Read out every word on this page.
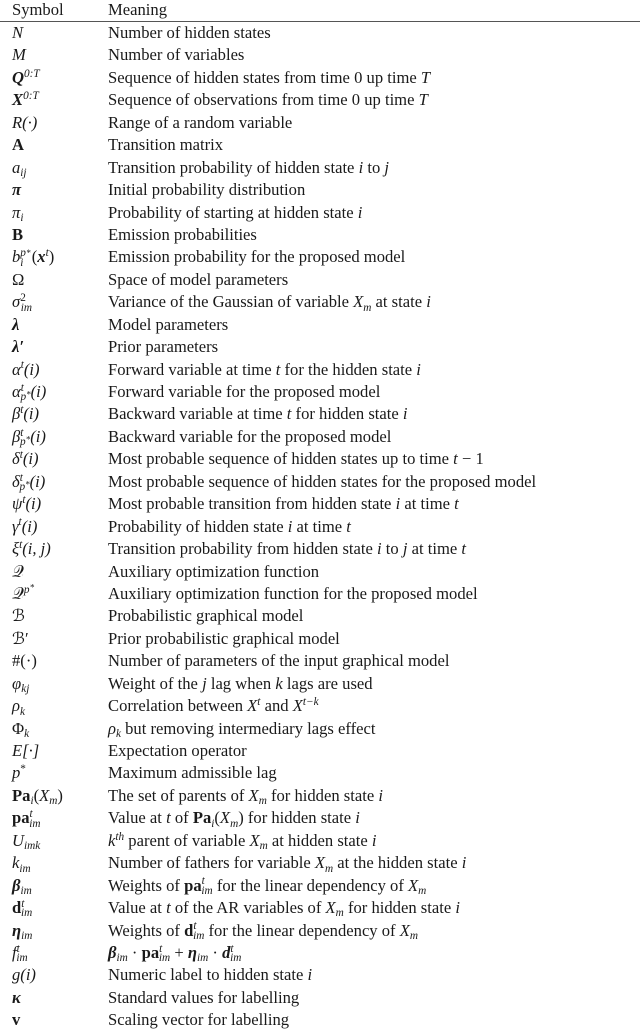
Symbol	Meaning
N	Number of hidden states
M	Number of variables
$Q^{0:T}$	Sequence of hidden states from time 0 up time T
$X^{0:T}$	Sequence of observations from time 0 up time T
R(·)	Range of a random variable
A	Transition matrix
$a_{ij}$	Transition probability of hidden state i to j
π	Initial probability distribution
$\pi_i$	Probability of starting at hidden state i
B	Emission probabilities
$b^{p*}_i$ $(x^t)$	Emission probability for the proposed model
Ω	Space of model parameters
$\sigma^2_{im}$	Variance of the Gaussian of variable $X_m$ at state i
λ	Model parameters
λ′	Prior parameters
$\alpha^t(i)$	Forward variable at time t for the hidden state i
$\alpha^t_{p^*}(i)$	Forward variable for the proposed model
$\beta^t(i)$	Backward variable at time t for hidden state i
$\beta^t_{p^*}(i)$	Backward variable for the proposed model
$\delta^t(i)$	Most probable sequence of hidden states up to time t − 1
$\delta^t_{p^*}(i)$	Most probable sequence of hidden states for the proposed model
$\psi^t(i)$	Most probable transition from hidden state i at time t
$\gamma^t(i)$	Probability of hidden state i at time t
$\xi^t(i$, j)	Transition probability from hidden state i to j at time t
𝒬	Auxiliary optimization function
𝒬$^{p^*}$	Auxiliary optimization function for the proposed model
ℬ	Probabilistic graphical model
ℬ′	Prior probabilistic graphical model
#(·)	Number of parameters of the input graphical model
$\varphi_{kj}$	Weight of the j lag when k lags are used
$\rho_k$	Correlation between $X^t$ and $X^{t-k}$
$\Phi_k$	$\rho_k$ but removing intermediary lags effect
E[·]	Expectation operator
p*	Maximum admissible lag
$Pa_i(X_m)$	The set of parents of $X_m$ for hidden state i
$pa^t_{im}$	Value at t of $Pa_i(X_m)$ for hidden state i
$U_{imk}$	$k^{th}$ parent of variable $X_m$ at hidden state i
$k_{im}$	Number of fathers for variable $X_m$ at the hidden state i
$\beta_{im}$	Weights of $pa^t_{im}$ for the linear dependency of $X_m$
$d^t_{im}$	Value at t of the AR variables of $X_m$ for hidden state i
$\eta_{im}$	Weights of $d^t_{im}$ for the linear dependency of $X_m$
$f^t_{im}$	$\beta_{im} \cdot pa^t_{im} + \eta_{im} \cdot d^t_{im}$
g(i)	Numeric label to hidden state i
κ	Standard values for labelling
v	Scaling vector for labelling
